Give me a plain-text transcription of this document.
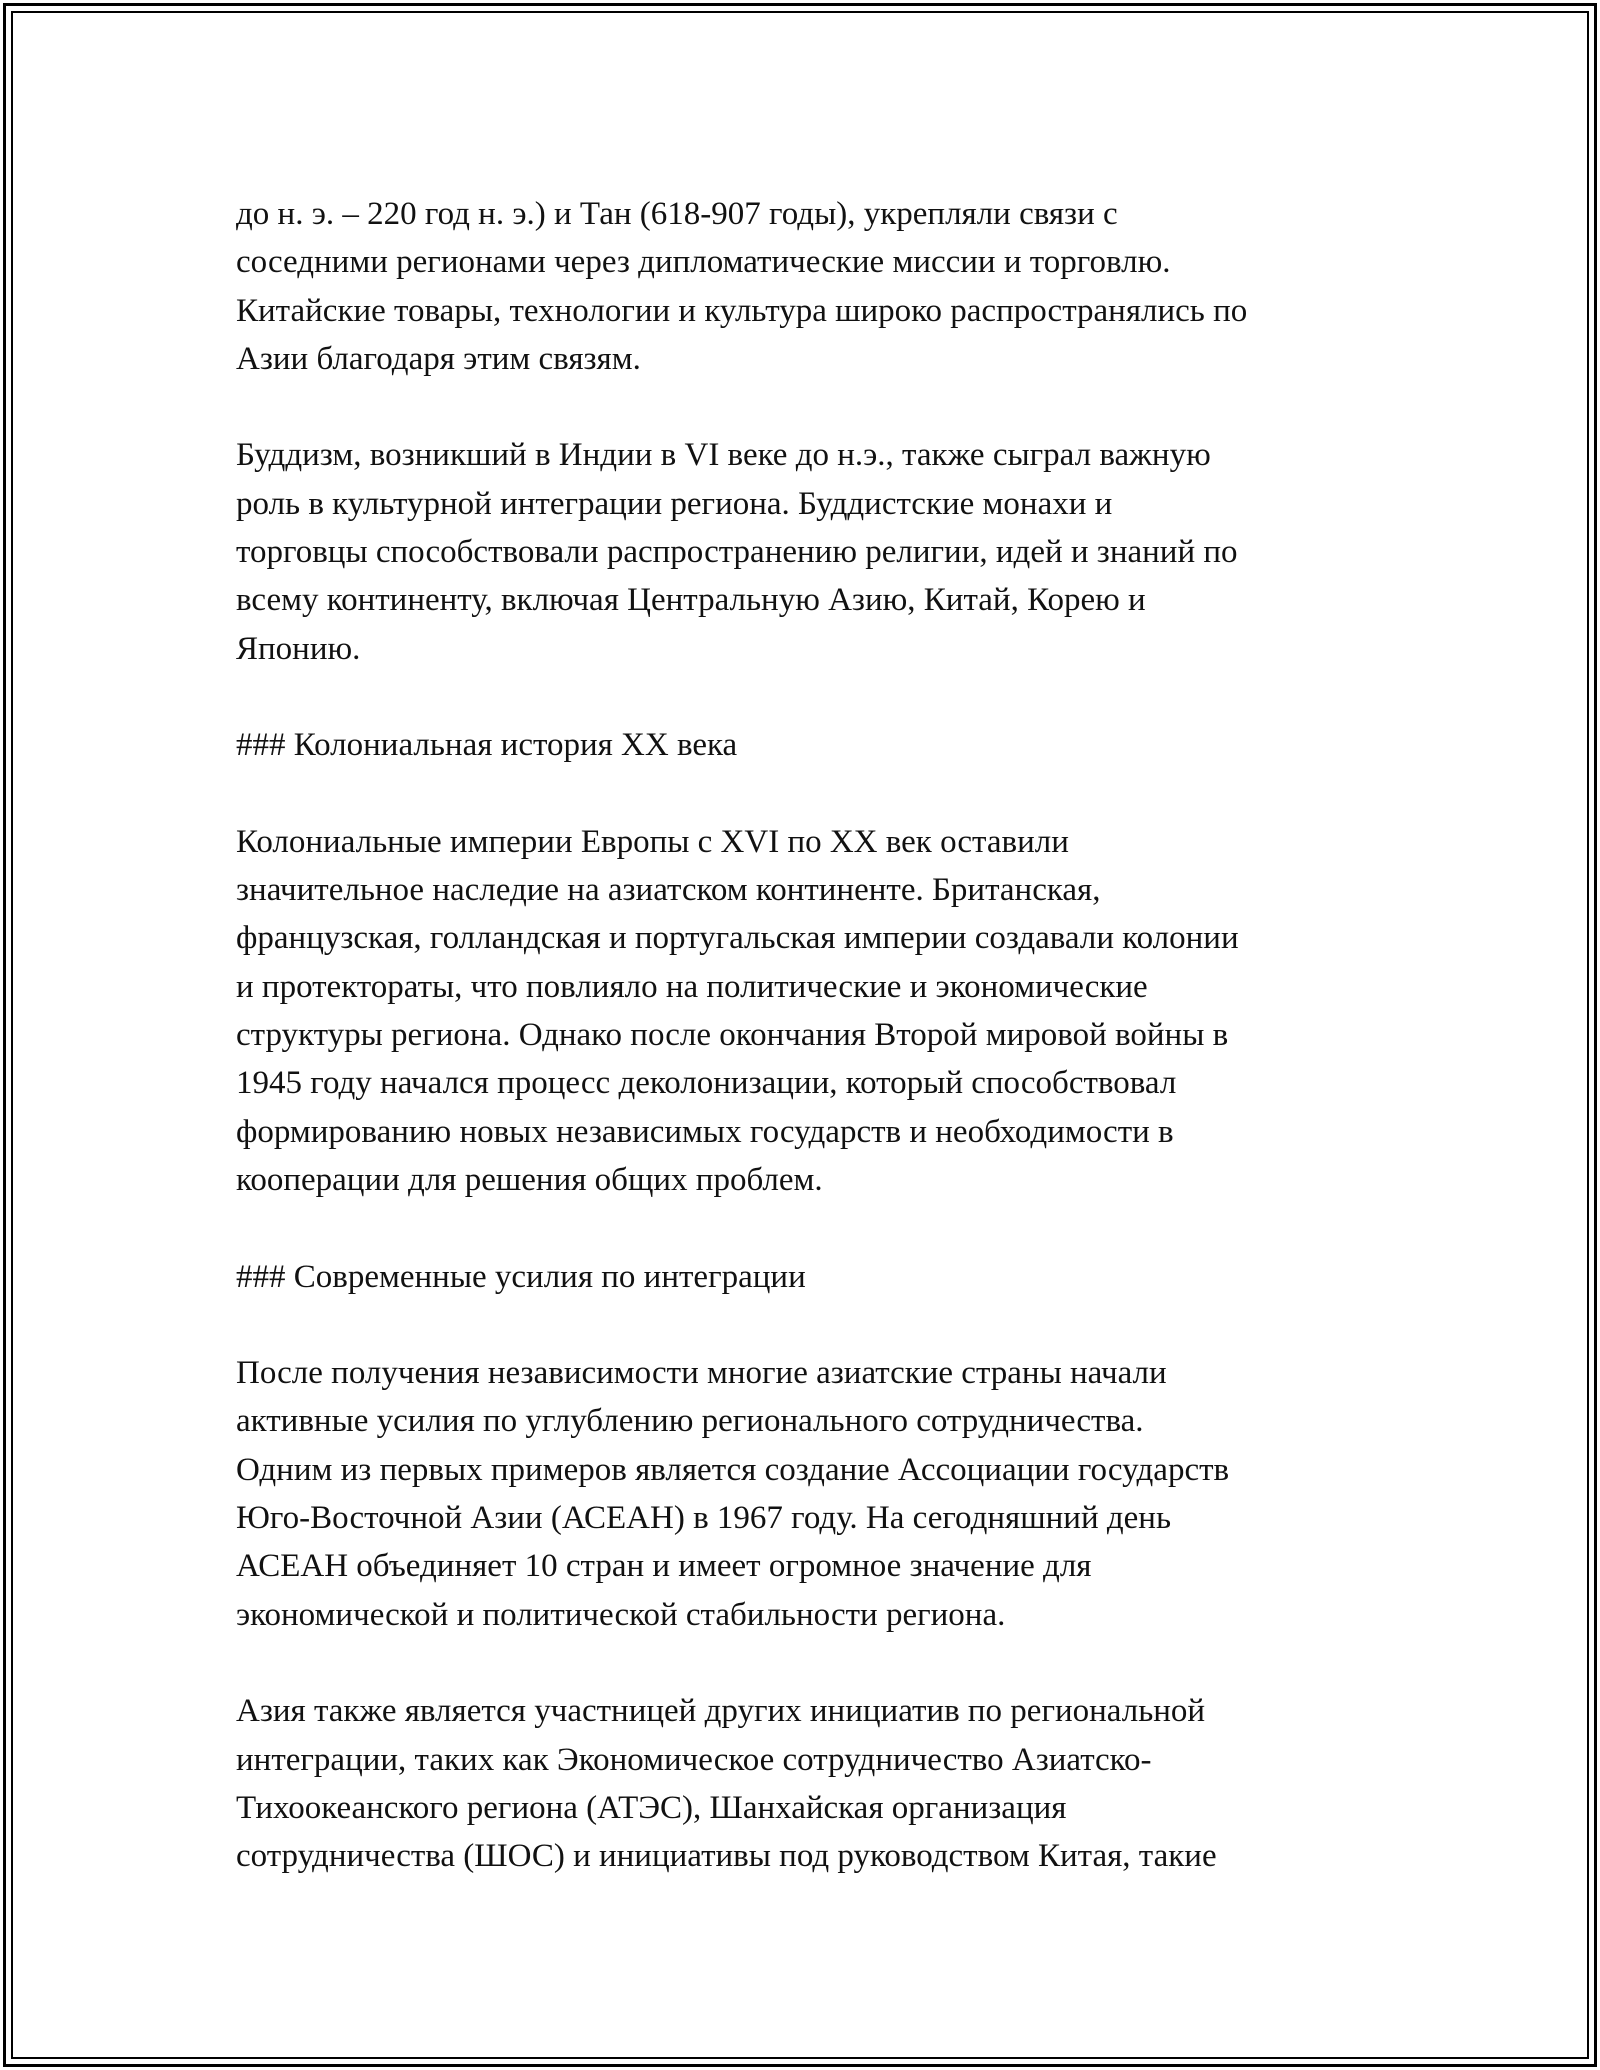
до н. э. – 220 год н. э.) и Тан (618-907 годы), укрепляли связи с
соседними регионами через дипломатические миссии и торговлю.
Китайские товары, технологии и культура широко распространялись по
Азии благодаря этим связям.
Буддизм, возникший в Индии в VI веке до н.э., также сыграл важную
роль в культурной интеграции региона. Буддистские монахи и
торговцы способствовали распространению религии, идей и знаний по
всему континенту, включая Центральную Азию, Китай, Корею и
Японию.
### Колониальная история XX века
Колониальные империи Европы с XVI по XX век оставили
значительное наследие на азиатском континенте. Британская,
французская, голландская и португальская империи создавали колонии
и протектораты, что повлияло на политические и экономические
структуры региона. Однако после окончания Второй мировой войны в
1945 году начался процесс деколонизации, который способствовал
формированию новых независимых государств и необходимости в
кооперации для решения общих проблем.
### Современные усилия по интеграции
После получения независимости многие азиатские страны начали
активные усилия по углублению регионального сотрудничества.
Одним из первых примеров является создание Ассоциации государств
Юго-Восточной Азии (АСЕАН) в 1967 году. На сегодняшний день
АСЕАН объединяет 10 стран и имеет огромное значение для
экономической и политической стабильности региона.
Азия также является участницей других инициатив по региональной
интеграции, таких как Экономическое сотрудничество Азиатско-
Тихоокеанского региона (АТЭС), Шанхайская организация
сотрудничества (ШОС) и инициативы под руководством Китая, такие
